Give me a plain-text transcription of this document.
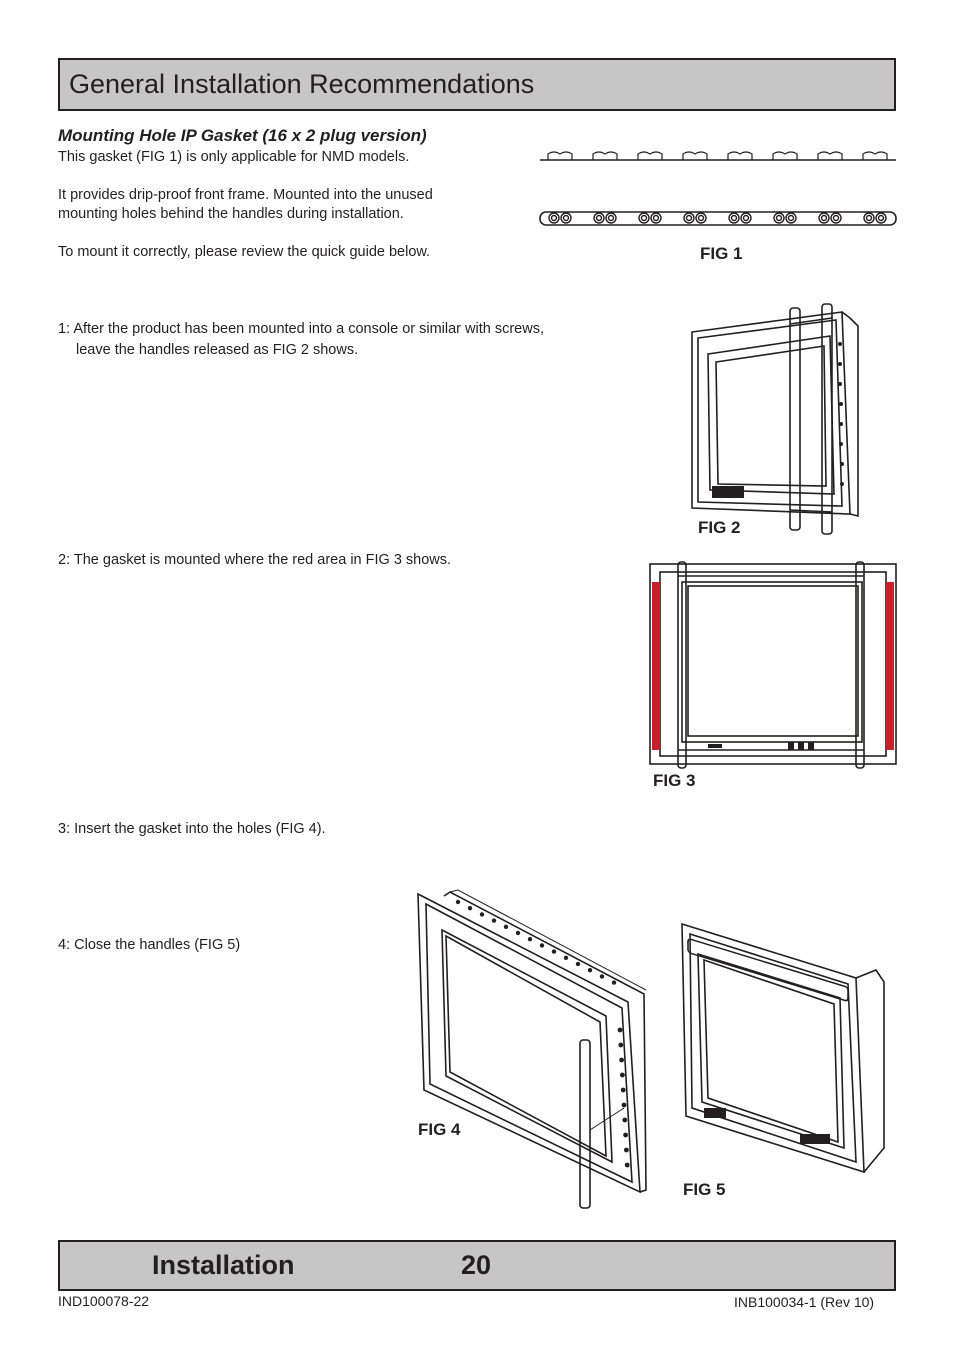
General Installation Recommendations
Mounting Hole IP Gasket (16 x 2 plug version)
This gasket (FIG 1) is only applicable for NMD models.
It provides drip-proof front frame. Mounted into the unused
mounting holes behind the handles during installation.
To mount it correctly, please review the quick guide below.	FIG 1
1: After the product has been mounted into a console or similar with screws,
leave the handles released as FIG 2 shows.
FIG 2
2: The gasket is mounted where the red area in FIG 3 shows.
FIG 3
3: Insert the gasket into the holes (FIG 4).
4: Close the handles (FIG 5)
FIG 4
FIG 5
Installation	20
IND100078-22	INB100034-1 (Rev 10)
